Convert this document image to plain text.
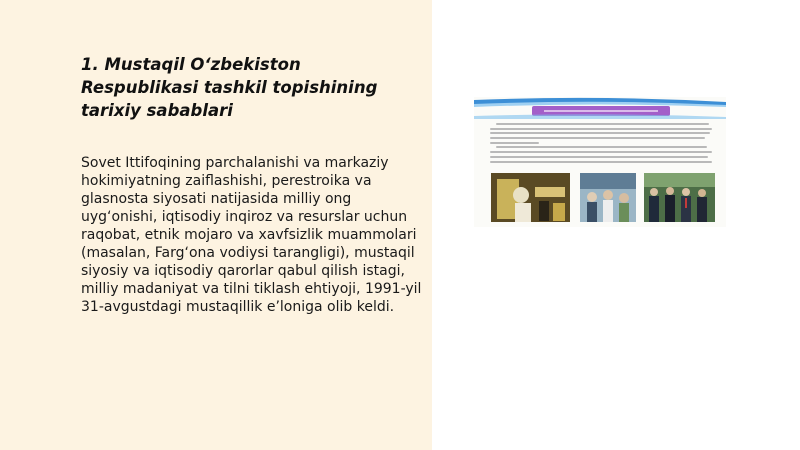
1. Mustaqil O‘zbekiston Respublikasi tashkil topishining tarixiy sabablari

Sovet Ittifoqining parchalanishi va markaziy hokimiyatning zaiflashishi, perestroika va glasnosta siyosati natijasida milliy ong uyg‘onishi, iqtisodiy inqiroz va resurslar uchun raqobat, etnik mojaro va xavfsizlik muammolari (masalan, Farg‘ona vodiysi tarangligi), mustaqil siyosiy va iqtisodiy qarorlar qabul qilish istagi, milliy madaniyat va tilni tiklash ehtiyoji, 1991-yil 31-avgustdagi mustaqillik e’loniga olib keldi.
